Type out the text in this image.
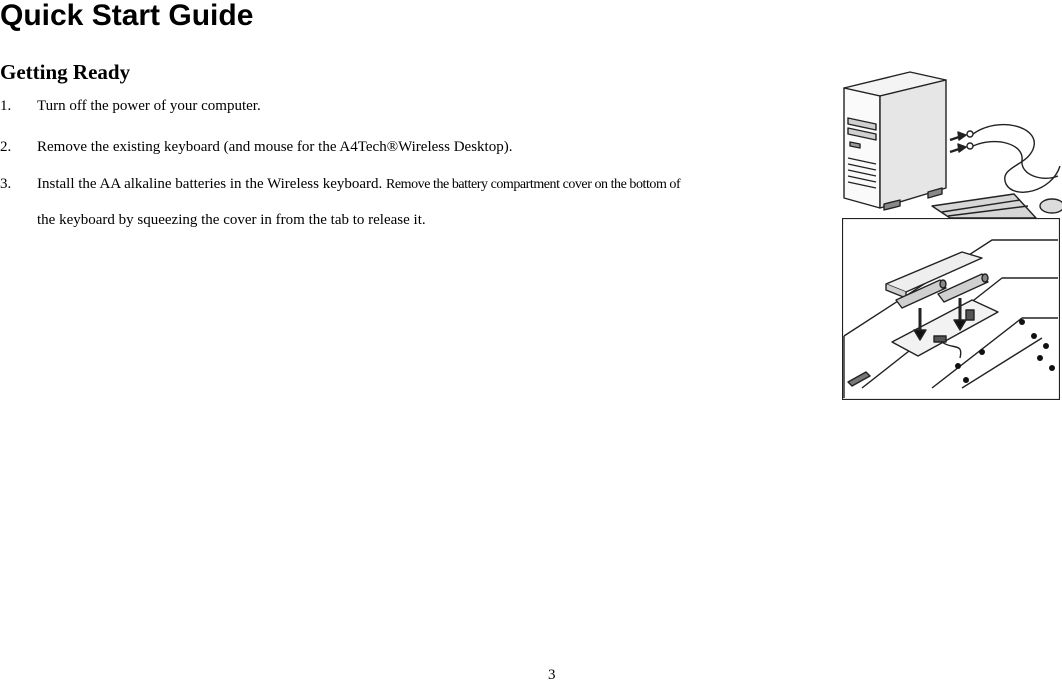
Quick Start Guide
Getting Ready
1. Turn off the power of your computer.
2. Remove the existing keyboard (and mouse for the A4Tech®Wireless Desktop).
3. Install the AA alkaline batteries in the Wireless keyboard. Remove the battery compartment cover on the bottom of
the keyboard by squeezing the cover in from the tab to release it.
3
